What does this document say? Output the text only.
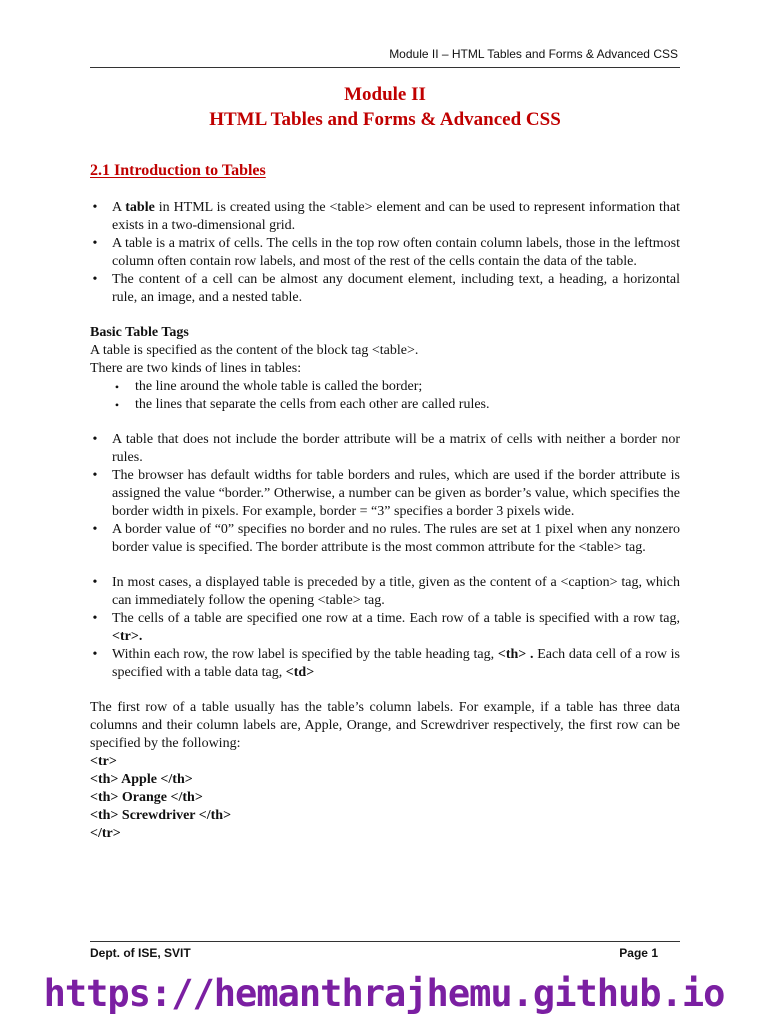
Module II – HTML Tables and Forms & Advanced CSS
Module II
HTML Tables and Forms & Advanced CSS
2.1 Introduction to Tables
• A table in HTML is created using the <table> element and can be used to represent information that exists in a two-dimensional grid.
• A table is a matrix of cells. The cells in the top row often contain column labels, those in the leftmost column often contain row labels, and most of the rest of the cells contain the data of the table.
• The content of a cell can be almost any document element, including text, a heading, a horizontal rule, an image, and a nested table.

Basic Table Tags

A table is specified as the content of the block tag <table>.

There are two kinds of lines in tables:

• the line around the whole table is called the border;
• the lines that separate the cells from each other are called rules.
• A table that does not include the border attribute will be a matrix of cells with neither a border nor rules.
• The browser has default widths for table borders and rules, which are used if the border attribute is assigned the value “border.” Otherwise, a number can be given as border’s value, which specifies the border width in pixels. For example, border = “3” specifies a border 3 pixels wide.
• A border value of “0” specifies no border and no rules. The rules are set at 1 pixel when any nonzero border value is specified. The border attribute is the most common attribute for the <table> tag.
• In most cases, a displayed table is preceded by a title, given as the content of a <caption> tag, which can immediately follow the opening <table> tag.
• The cells of a table are specified one row at a time. Each row of a table is specified with a row tag, <tr>.
• Within each row, the row label is specified by the table heading tag, <th> . Each data cell of a row is specified with a table data tag, <td>

The first row of a table usually has the table’s column labels. For example, if a table has three data columns and their column labels are, Apple, Orange, and Screwdriver respectively, the first row can be specified by the following:

<tr>
<th> Apple </th>
<th> Orange </th>
<th> Screwdriver </th>
</tr>
Dept. of ISE, SVIT	Page 1
https://hemanthrajhemu.github.io
